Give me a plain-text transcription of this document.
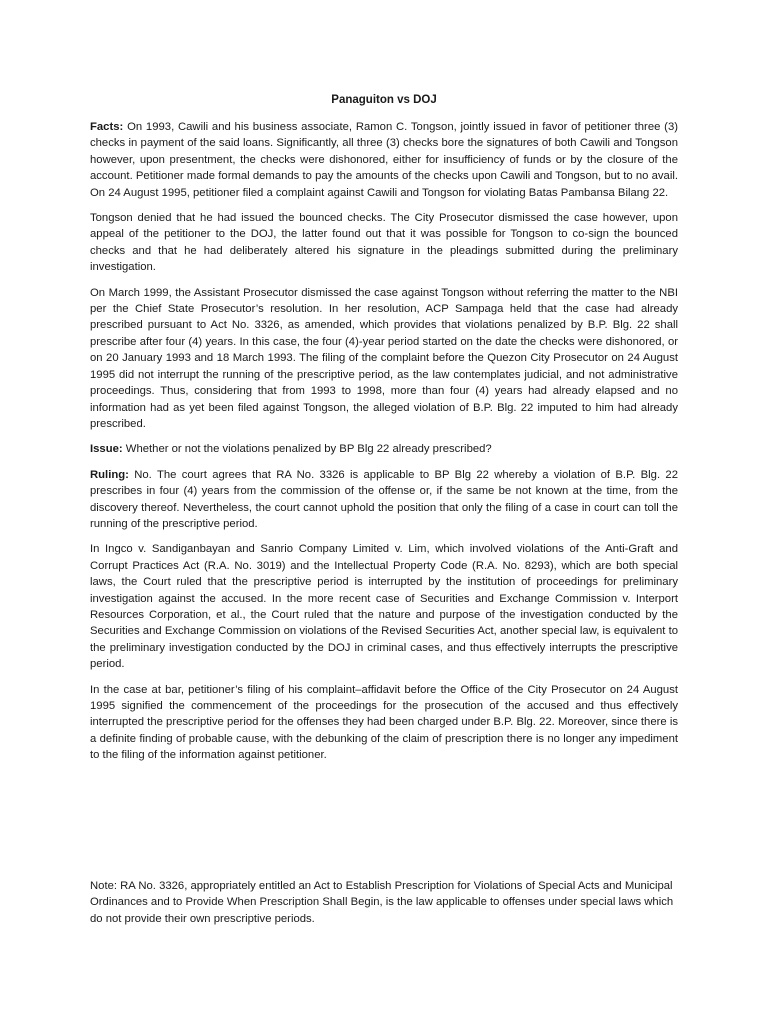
Panaguiton vs DOJ

Facts: On 1993, Cawili and his business associate, Ramon C. Tongson, jointly issued in favor of petitioner three (3) checks in payment of the said loans. Significantly, all three (3) checks bore the signatures of both Cawili and Tongson however, upon presentment, the checks were dishonored, either for insufficiency of funds or by the closure of the account. Petitioner made formal demands to pay the amounts of the checks upon Cawili and Tongson, but to no avail. On 24 August 1995, petitioner filed a complaint against Cawili and Tongson for violating Batas Pambansa Bilang 22.

Tongson denied that he had issued the bounced checks. The City Prosecutor dismissed the case however, upon appeal of the petitioner to the DOJ, the latter found out that it was possible for Tongson to co-sign the bounced checks and that he had deliberately altered his signature in the pleadings submitted during the preliminary investigation.

On March 1999, the Assistant Prosecutor dismissed the case against Tongson without referring the matter to the NBI per the Chief State Prosecutor’s resolution. In her resolution, ACP Sampaga held that the case had already prescribed pursuant to Act No. 3326, as amended, which provides that violations penalized by B.P. Blg. 22 shall prescribe after four (4) years. In this case, the four (4)-year period started on the date the checks were dishonored, or on 20 January 1993 and 18 March 1993. The filing of the complaint before the Quezon City Prosecutor on 24 August 1995 did not interrupt the running of the prescriptive period, as the law contemplates judicial, and not administrative proceedings. Thus, considering that from 1993 to 1998, more than four (4) years had already elapsed and no information had as yet been filed against Tongson, the alleged violation of B.P. Blg. 22 imputed to him had already prescribed.

Issue: Whether or not the violations penalized by BP Blg 22 already prescribed?

Ruling: No. The court agrees that RA No. 3326 is applicable to BP Blg 22 whereby a violation of B.P. Blg. 22 prescribes in four (4) years from the commission of the offense or, if the same be not known at the time, from the discovery thereof. Nevertheless, the court cannot uphold the position that only the filing of a case in court can toll the running of the prescriptive period.

In Ingco v. Sandiganbayan and Sanrio Company Limited v. Lim, which involved violations of the Anti-Graft and Corrupt Practices Act (R.A. No. 3019) and the Intellectual Property Code (R.A. No. 8293), which are both special laws, the Court ruled that the prescriptive period is interrupted by the institution of proceedings for preliminary investigation against the accused. In the more recent case of Securities and Exchange Commission v. Interport Resources Corporation, et al., the Court ruled that the nature and purpose of the investigation conducted by the Securities and Exchange Commission on violations of the Revised Securities Act, another special law, is equivalent to the preliminary investigation conducted by the DOJ in criminal cases, and thus effectively interrupts the prescriptive period.

In the case at bar, petitioner’s filing of his complaint–affidavit before the Office of the City Prosecutor on 24 August 1995 signified the commencement of the proceedings for the prosecution of the accused and thus effectively interrupted the prescriptive period for the offenses they had been charged under B.P. Blg. 22. Moreover, since there is a definite finding of probable cause, with the debunking of the claim of prescription there is no longer any impediment to the filing of the information against petitioner.

Note: RA No. 3326, appropriately entitled an Act to Establish Prescription for Violations of Special Acts and Municipal Ordinances and to Provide When Prescription Shall Begin, is the law applicable to offenses under special laws which do not provide their own prescriptive periods.
